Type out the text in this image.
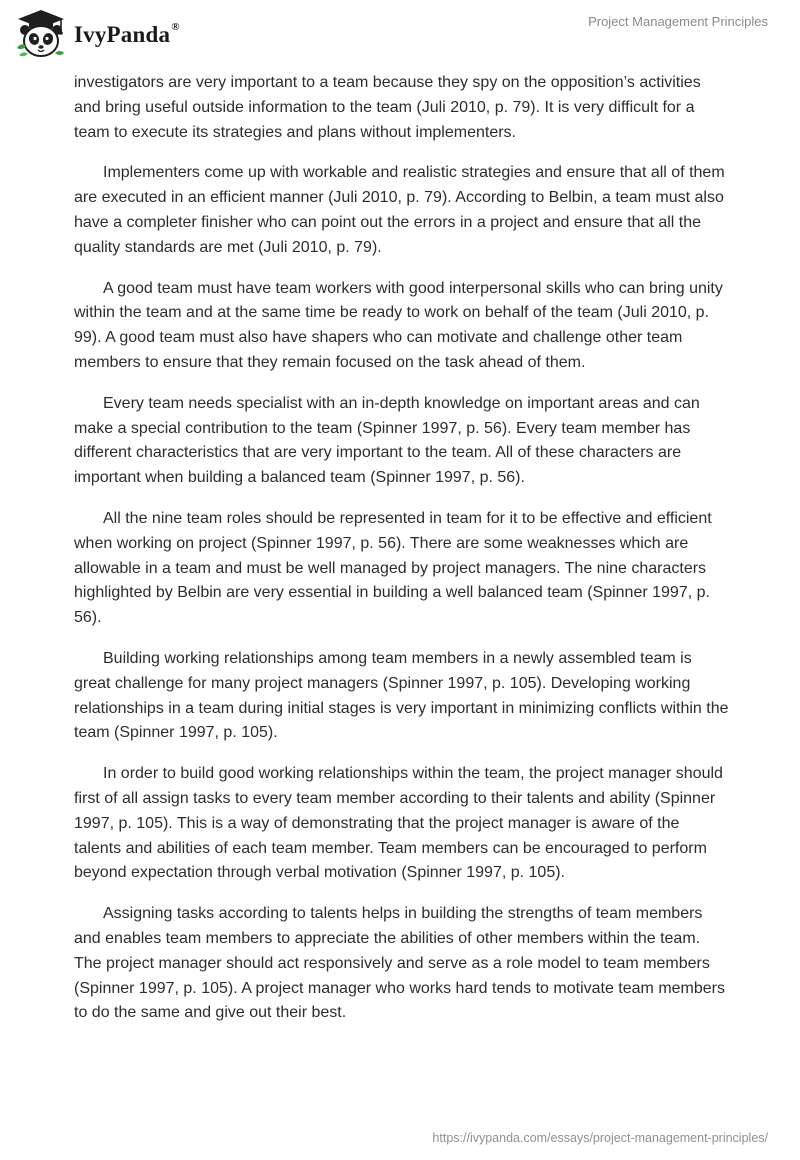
IvyPanda®	Project Management Principles

investigators are very important to a team because they spy on the opposition’s activities and bring useful outside information to the team (Juli 2010, p. 79). It is very difficult for a team to execute its strategies and plans without implementers.

Implementers come up with workable and realistic strategies and ensure that all of them are executed in an efficient manner (Juli 2010, p. 79). According to Belbin, a team must also have a completer finisher who can point out the errors in a project and ensure that all the quality standards are met (Juli 2010, p. 79).

A good team must have team workers with good interpersonal skills who can bring unity within the team and at the same time be ready to work on behalf of the team (Juli 2010, p. 99). A good team must also have shapers who can motivate and challenge other team members to ensure that they remain focused on the task ahead of them.

Every team needs specialist with an in-depth knowledge on important areas and can make a special contribution to the team (Spinner 1997, p. 56). Every team member has different characteristics that are very important to the team. All of these characters are important when building a balanced team (Spinner 1997, p. 56).

All the nine team roles should be represented in team for it to be effective and efficient when working on project (Spinner 1997, p. 56). There are some weaknesses which are allowable in a team and must be well managed by project managers. The nine characters highlighted by Belbin are very essential in building a well balanced team (Spinner 1997, p. 56).

Building working relationships among team members in a newly assembled team is great challenge for many project managers (Spinner 1997, p. 105). Developing working relationships in a team during initial stages is very important in minimizing conflicts within the team (Spinner 1997, p. 105).

In order to build good working relationships within the team, the project manager should first of all assign tasks to every team member according to their talents and ability (Spinner 1997, p. 105). This is a way of demonstrating that the project manager is aware of the talents and abilities of each team member. Team members can be encouraged to perform beyond expectation through verbal motivation (Spinner 1997, p. 105).

Assigning tasks according to talents helps in building the strengths of team members and enables team members to appreciate the abilities of other members within the team. The project manager should act responsively and serve as a role model to team members (Spinner 1997, p. 105). A project manager who works hard tends to motivate team members to do the same and give out their best.

https://ivypanda.com/essays/project-management-principles/
